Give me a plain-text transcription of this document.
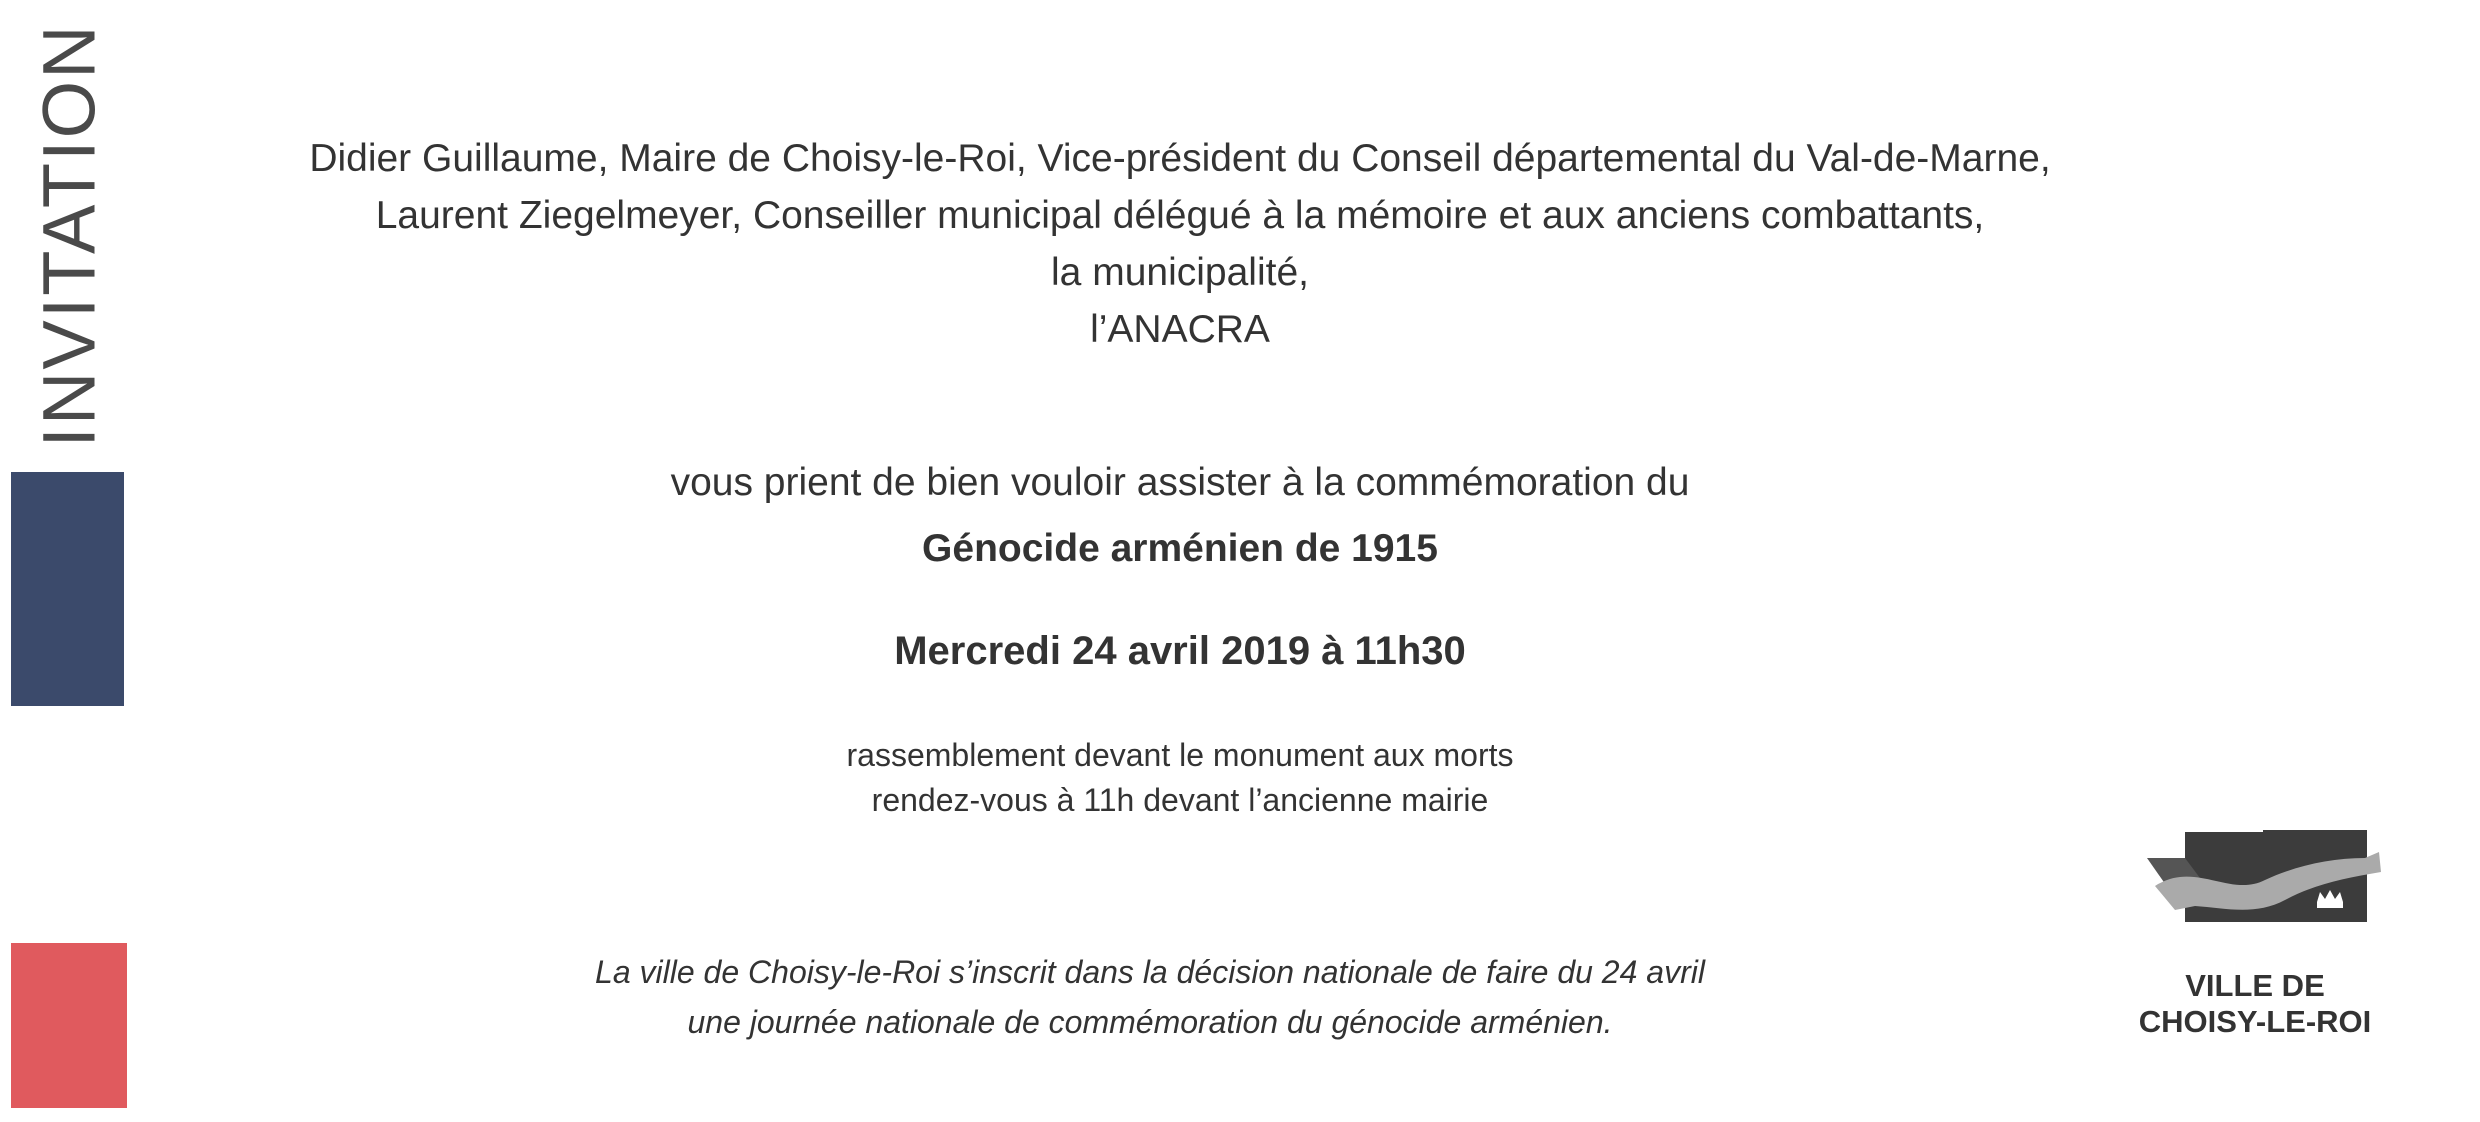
INVITATION	Didier Guillaume, Maire de Choisy-le-Roi, Vice-président du Conseil départemental du Val-de-Marne,
Laurent Ziegelmeyer, Conseiller municipal délégué à la mémoire et aux anciens combattants,
la municipalité,
l’ANACRA
vous prient de bien vouloir assister à la commémoration du
Génocide arménien de 1915
Mercredi 24 avril 2019 à 11h30
rassemblement devant le monument aux morts
rendez-vous à 11h devant l’ancienne mairie
La ville de Choisy-le-Roi s’inscrit dans la décision nationale de faire du 24 avril
une journée nationale de commémoration du génocide arménien.
VILLE DE
CHOISY-LE-ROI
